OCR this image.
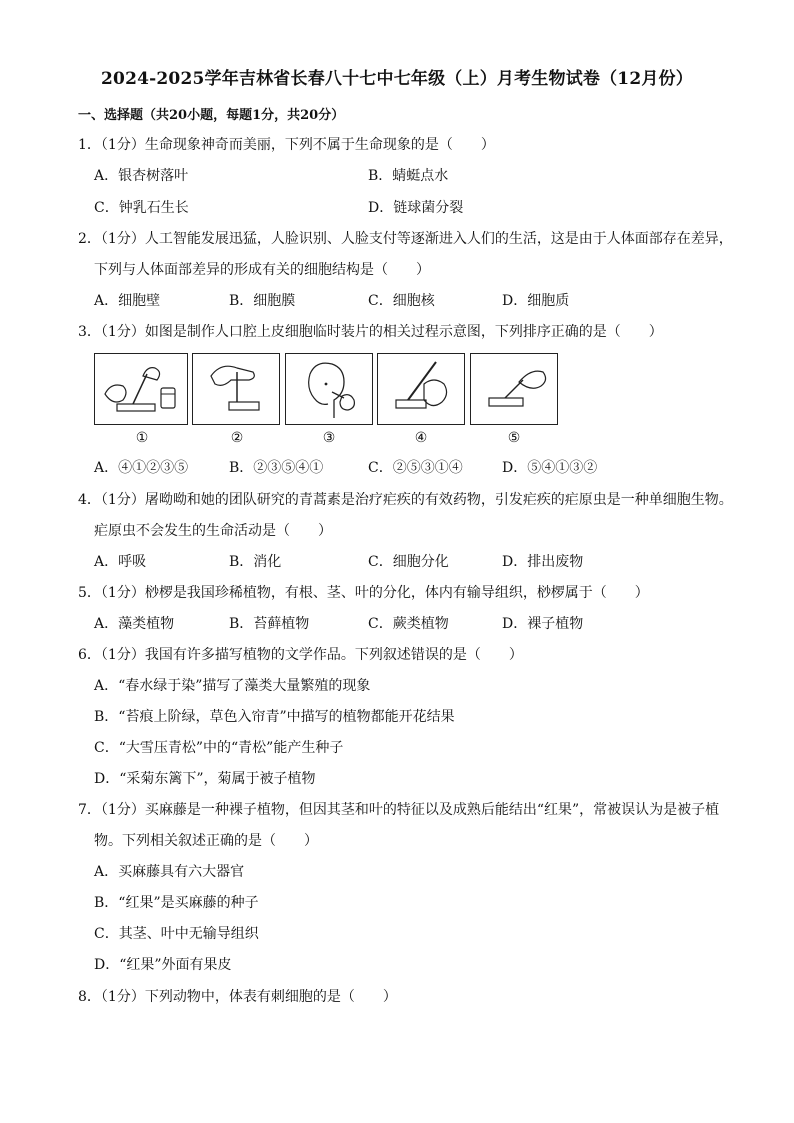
2024-2025学年吉林省长春八十七中七年级（上）月考生物试卷（12月份）
一、选择题（共20小题，每题1分，共20分）
1．（1分）生命现象神奇而美丽，下列不属于生命现象的是（　　）
A．银杏树落叶	B．蜻蜓点水
C．钟乳石生长	D．链球菌分裂
2．（1分）人工智能发展迅猛，人脸识别、人脸支付等逐渐进入人们的生活，这是由于人体面部存在差异，
下列与人体面部差异的形成有关的细胞结构是（　　）
A．细胞壁	B．细胞膜	C．细胞核	D．细胞质
3．（1分）如图是制作人口腔上皮细胞临时装片的相关过程示意图，下列排序正确的是（　　）
①	②	③	④	⑤
A．④①②③⑤	B．②③⑤④①	C．②⑤③①④	D．⑤④①③②
4．（1分）屠呦呦和她的团队研究的青蒿素是治疗疟疾的有效药物，引发疟疾的疟原虫是一种单细胞生物。
疟原虫不会发生的生命活动是（　　）
A．呼吸	B．消化	C．细胞分化	D．排出废物
5．（1分）桫椤是我国珍稀植物，有根、茎、叶的分化，体内有输导组织，桫椤属于（　　）
A．藻类植物	B．苔藓植物	C．蕨类植物	D．裸子植物
6．（1分）我国有许多描写植物的文学作品。下列叙述错误的是（　　）
A．“春水绿于染”描写了藻类大量繁殖的现象
B．“苔痕上阶绿，草色入帘青”中描写的植物都能开花结果
C．“大雪压青松”中的“青松”能产生种子
D．“采菊东篱下”，菊属于被子植物
7．（1分）买麻藤是一种裸子植物，但因其茎和叶的特征以及成熟后能结出“红果”，常被误认为是被子植
物。下列相关叙述正确的是（　　）
A．买麻藤具有六大器官
B．“红果”是买麻藤的种子
C．其茎、叶中无输导组织
D．“红果”外面有果皮
8．（1分）下列动物中，体表有刺细胞的是（　　）
